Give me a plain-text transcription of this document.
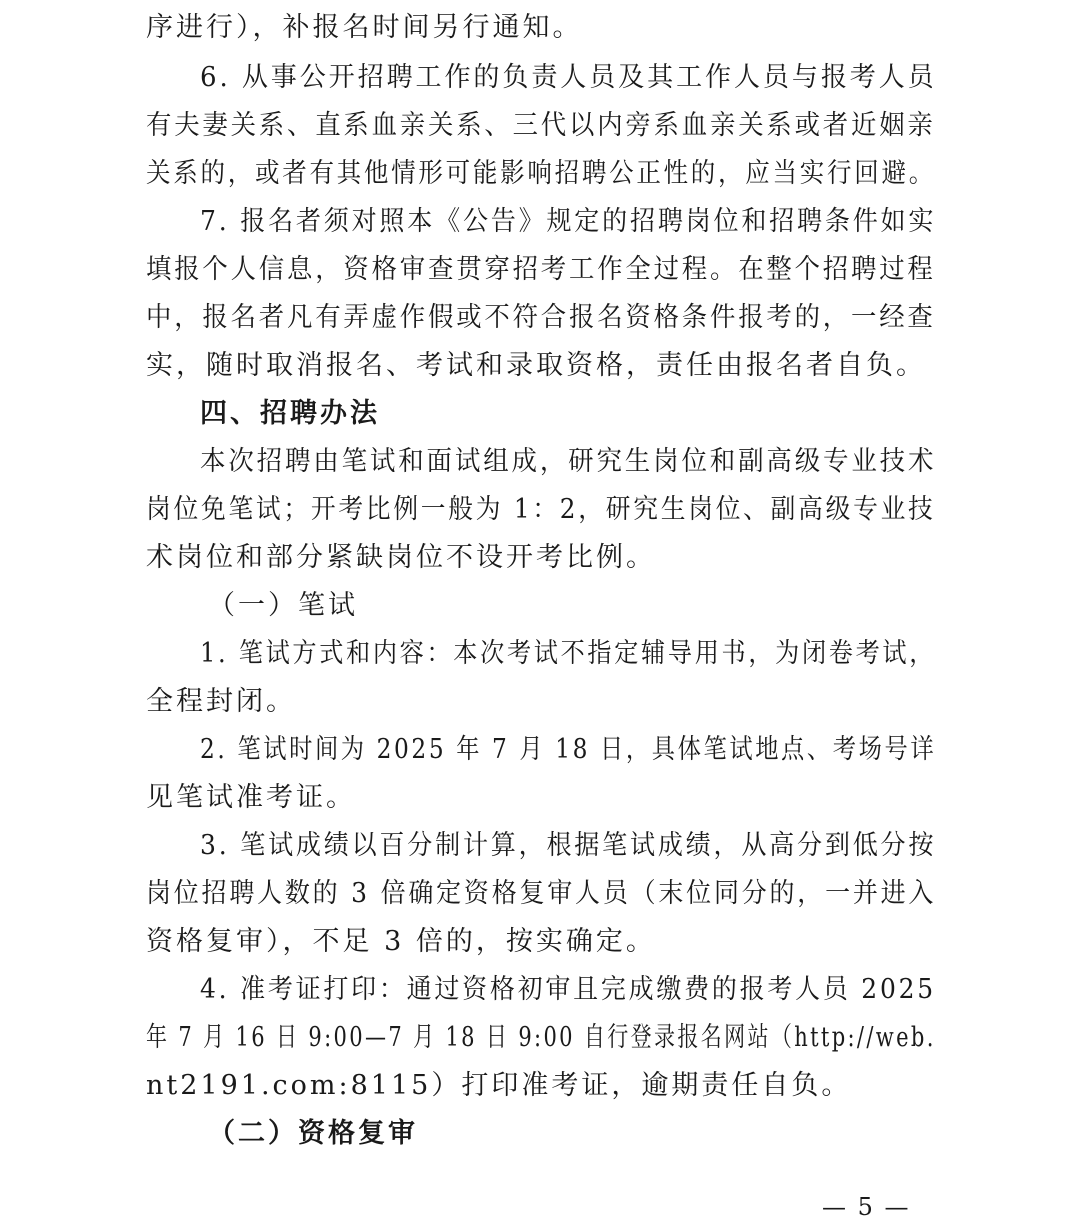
序进行），补报名时间另行通知。
6. 从事公开招聘工作的负责人员及其工作人员与报考人员
有夫妻关系、直系血亲关系、三代以内旁系血亲关系或者近姻亲
关系的，或者有其他情形可能影响招聘公正性的，应当实行回避。
7. 报名者须对照本《公告》规定的招聘岗位和招聘条件如实
填报个人信息，资格审查贯穿招考工作全过程。在整个招聘过程
中，报名者凡有弄虚作假或不符合报名资格条件报考的，一经查
实，随时取消报名、考试和录取资格，责任由报名者自负。
四、招聘办法
本次招聘由笔试和面试组成，研究生岗位和副高级专业技术
岗位免笔试；开考比例一般为 1：2，研究生岗位、副高级专业技
术岗位和部分紧缺岗位不设开考比例。
（一）笔试
1. 笔试方式和内容：本次考试不指定辅导用书，为闭卷考试，
全程封闭。
2. 笔试时间为 2025 年 7 月 18 日，具体笔试地点、考场号详
见笔试准考证。
3. 笔试成绩以百分制计算，根据笔试成绩，从高分到低分按
岗位招聘人数的 3 倍确定资格复审人员（末位同分的，一并进入
资格复审），不足 3 倍的，按实确定。
4. 准考证打印：通过资格初审且完成缴费的报考人员 2025
年 7 月 16 日 9:00—7 月 18 日 9:00 自行登录报名网站（http://web.
nt2191.com:8115）打印准考证，逾期责任自负。
（二）资格复审
— 5 —
